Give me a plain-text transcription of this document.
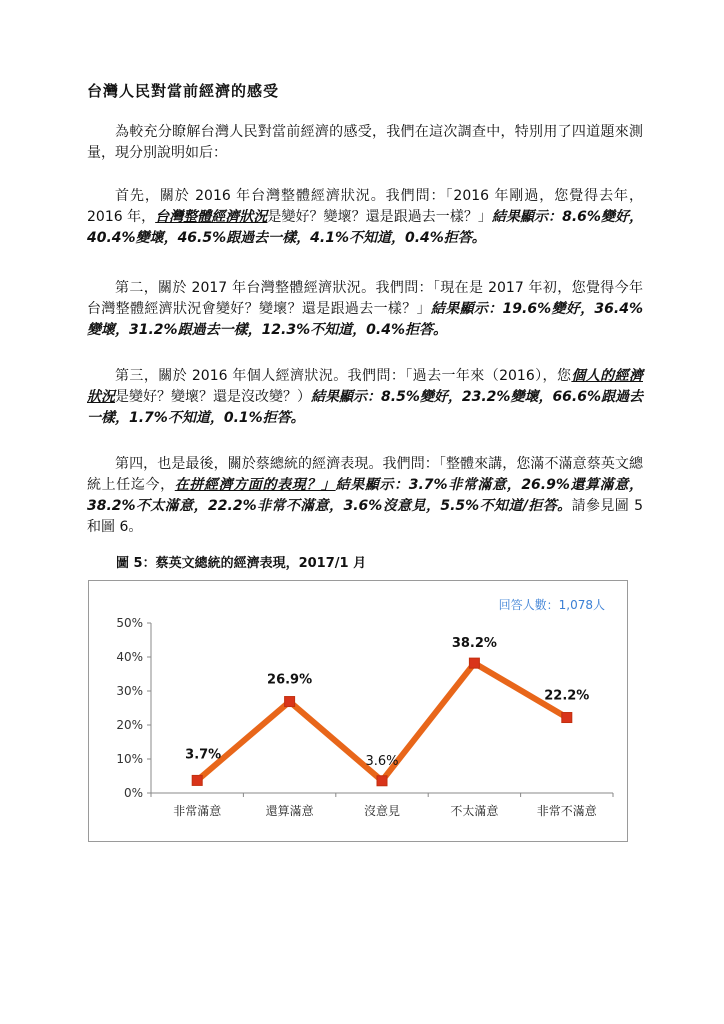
台灣人民對當前經濟的感受
為較充分瞭解台灣人民對當前經濟的感受，我們在這次調查中，特別用了四道題來測量，現分別說明如后：
首先，關於 2016 年台灣整體經濟狀況。我們問：「2016 年剛過，您覺得去年，2016 年，台灣整體經濟狀況是變好？變壞？還是跟過去一樣？」結果顯示：8.6%變好，40.4%變壞，46.5%跟過去一樣，4.1%不知道，0.4%拒答。
第二，關於 2017 年台灣整體經濟狀況。我們問：「現在是 2017 年初，您覺得今年台灣整體經濟狀況會變好？變壞？還是跟過去一樣？」結果顯示：19.6%變好，36.4%變壞，31.2%跟過去一樣，12.3%不知道，0.4%拒答。
第三，關於 2016 年個人經濟狀況。我們問：「過去一年來（2016），您個人的經濟狀況是變好？變壞？還是沒改變？）結果顯示：8.5%變好，23.2%變壞，66.6%跟過去一樣，1.7%不知道，0.1%拒答。
第四，也是最後，關於蔡總統的經濟表現。我們問：「整體來講，您滿不滿意蔡英文總統上任迄今，在拼經濟方面的表現？」結果顯示：3.7%非常滿意，26.9%還算滿意，38.2%不太滿意，22.2%非常不滿意，3.6%沒意見，5.5%不知道/拒答。請參見圖 5 和圖 6。
圖 5：蔡英文總統的經濟表現，2017/1 月
0%
10%
20%
30%
40%
50%
非常滿意	還算滿意	沒意見	不太滿意	非常不滿意
3.7%
26.9%
3.6%
38.2%
22.2%
回答人數：1,078人
